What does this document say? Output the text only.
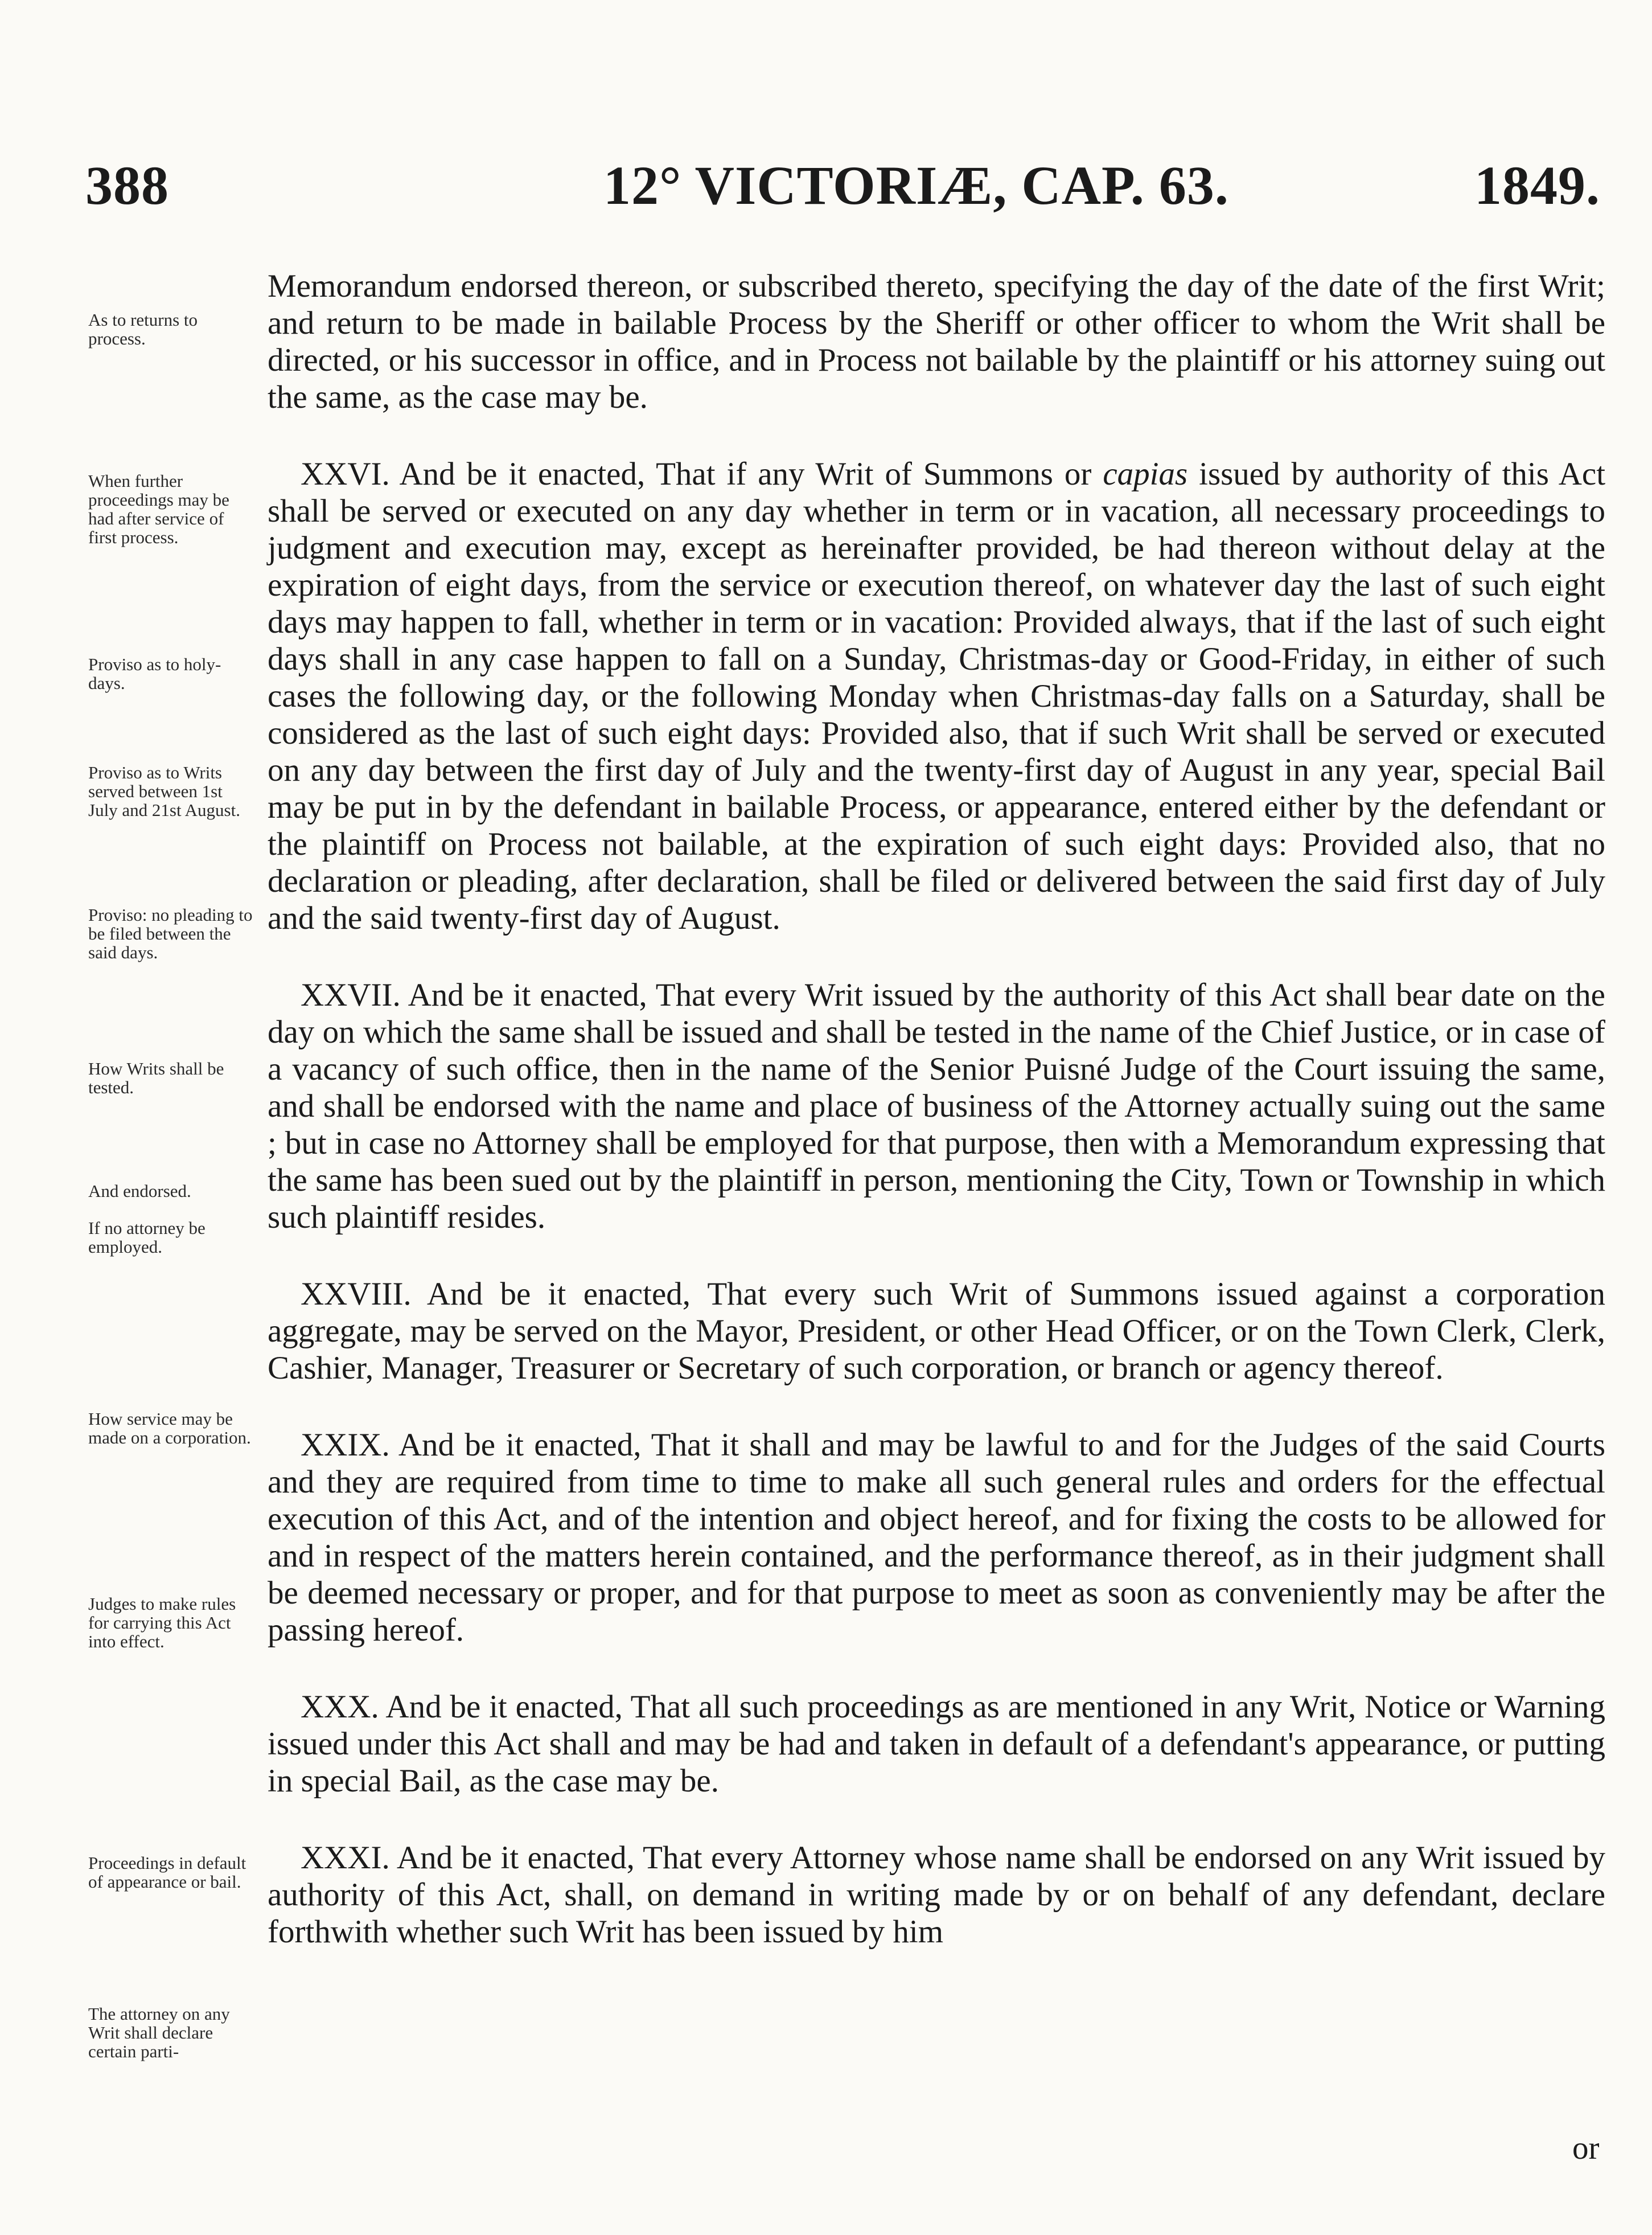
388	12° VICTORIÆ, CAP. 63.	1849.
As to returns to process.
When further proceedings may be had after service of first process.
Proviso as to holy-days.
Proviso as to Writs served between 1st July and 21st August.
Proviso: no pleading to be filed between the said days.
How Writs shall be tested.
And endorsed.
If no attorney be employed.
How service may be made on a corporation.
Judges to make rules for carrying this Act into effect.
Proceedings in default of appearance or bail.
The attorney on any Writ shall declare certain parti-

Memorandum endorsed thereon, or subscribed thereto, specifying the day of the date of the first Writ; and return to be made in bailable Process by the Sheriff or other officer to whom the Writ shall be directed, or his successor in office, and in Process not bailable by the plaintiff or his attorney suing out the same, as the case may be.

XXVI. And be it enacted, That if any Writ of Summons or capias issued by authority of this Act shall be served or executed on any day whether in term or in vacation, all necessary proceedings to judgment and execution may, except as hereinafter provided, be had thereon without delay at the expiration of eight days, from the service or execution thereof, on whatever day the last of such eight days may happen to fall, whether in term or in vacation: Provided always, that if the last of such eight days shall in any case happen to fall on a Sunday, Christmas-day or Good-Friday, in either of such cases the following day, or the following Monday when Christmas-day falls on a Saturday, shall be considered as the last of such eight days: Provided also, that if such Writ shall be served or executed on any day between the first day of July and the twenty-first day of August in any year, special Bail may be put in by the defendant in bailable Process, or appearance, entered either by the defendant or the plaintiff on Process not bailable, at the expiration of such eight days: Provided also, that no declaration or pleading, after declaration, shall be filed or delivered between the said first day of July and the said twenty-first day of August.

XXVII. And be it enacted, That every Writ issued by the authority of this Act shall bear date on the day on which the same shall be issued and shall be tested in the name of the Chief Justice, or in case of a vacancy of such office, then in the name of the Senior Puisné Judge of the Court issuing the same, and shall be endorsed with the name and place of business of the Attorney actually suing out the same ; but in case no Attorney shall be employed for that purpose, then with a Memorandum expressing that the same has been sued out by the plaintiff in person, mentioning the City, Town or Township in which such plaintiff resides.

XXVIII. And be it enacted, That every such Writ of Summons issued against a corporation aggregate, may be served on the Mayor, President, or other Head Officer, or on the Town Clerk, Clerk, Cashier, Manager, Treasurer or Secretary of such corporation, or branch or agency thereof.

XXIX. And be it enacted, That it shall and may be lawful to and for the Judges of the said Courts and they are required from time to time to make all such general rules and orders for the effectual execution of this Act, and of the intention and object hereof, and for fixing the costs to be allowed for and in respect of the matters herein contained, and the performance thereof, as in their judgment shall be deemed necessary or proper, and for that purpose to meet as soon as conveniently may be after the passing hereof.

XXX. And be it enacted, That all such proceedings as are mentioned in any Writ, Notice or Warning issued under this Act shall and may be had and taken in default of a defendant's appearance, or putting in special Bail, as the case may be.

XXXI. And be it enacted, That every Attorney whose name shall be endorsed on any Writ issued by authority of this Act, shall, on demand in writing made by or on behalf of any defendant, declare forthwith whether such Writ has been issued by him

or
